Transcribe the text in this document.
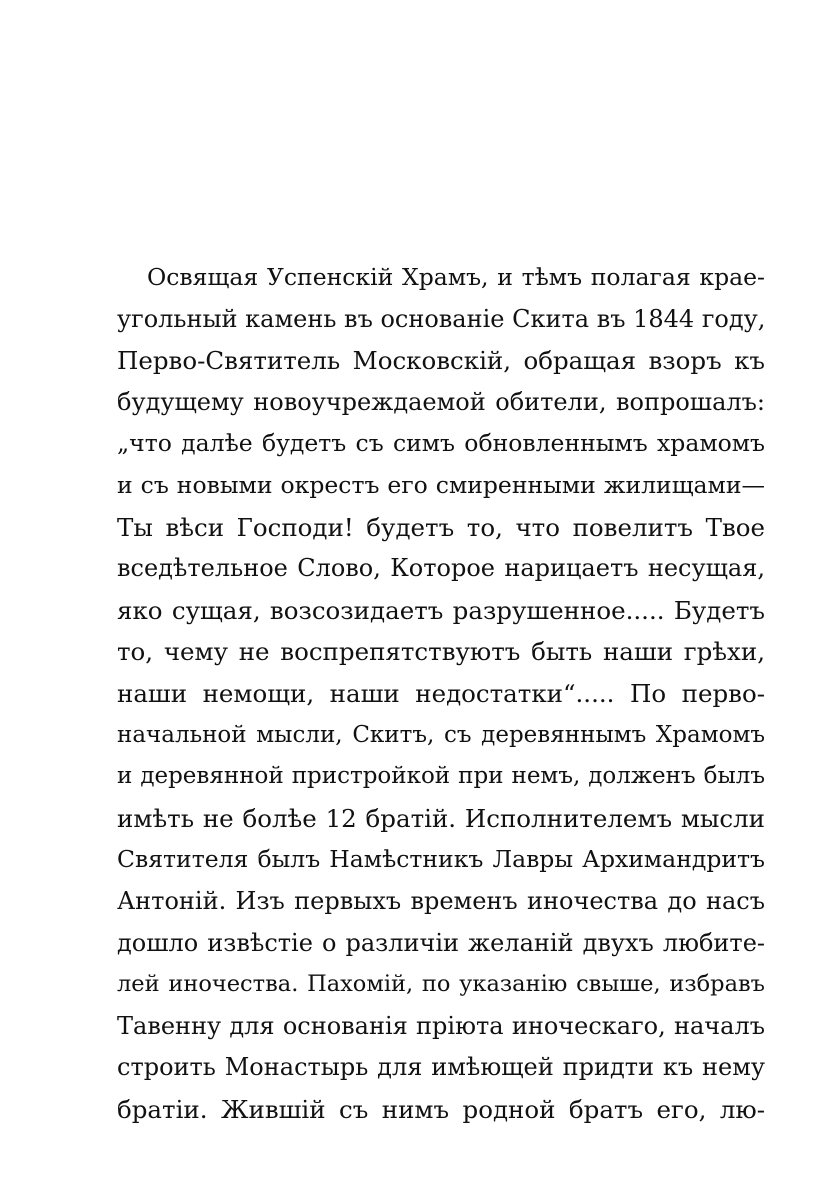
Освящая Успенскій Храмъ, и тѣмъ полагая крае-
угольный камень въ основаніе Скита въ 1844 году,
Перво-Святитель Московскій, обращая взоръ къ
будущему новоучреждаемой обители, вопрошалъ:
„что далѣе будетъ съ симъ обновленнымъ храмомъ
и съ новыми окрестъ его смиренными жилищами—
Ты вѣси Господи! будетъ то, что повелитъ Твое
вседѣтельное Слово, Которое нарицаетъ несущая,
яко сущая, возсозидаетъ разрушенное..... Будетъ
то, чему не воспрепятствуютъ быть наши грѣхи,
наши немощи, наши недостатки“..... По перво-
начальной мысли, Скитъ, съ деревяннымъ Храмомъ
и деревянной пристройкой при немъ, долженъ былъ
имѣть не болѣе 12 братій. Исполнителемъ мысли
Святителя былъ Намѣстникъ Лавры Архимандритъ
Антоній. Изъ первыхъ временъ иночества до насъ
дошло извѣстіе о различіи желаній двухъ любите-
лей иночества. Пахомій, по указанію свыше, избравъ
Тавенну для основанія пріюта иноческаго, началъ
строить Монастырь для имѣющей придти къ нему
братіи. Жившій съ нимъ родной братъ его, лю-
